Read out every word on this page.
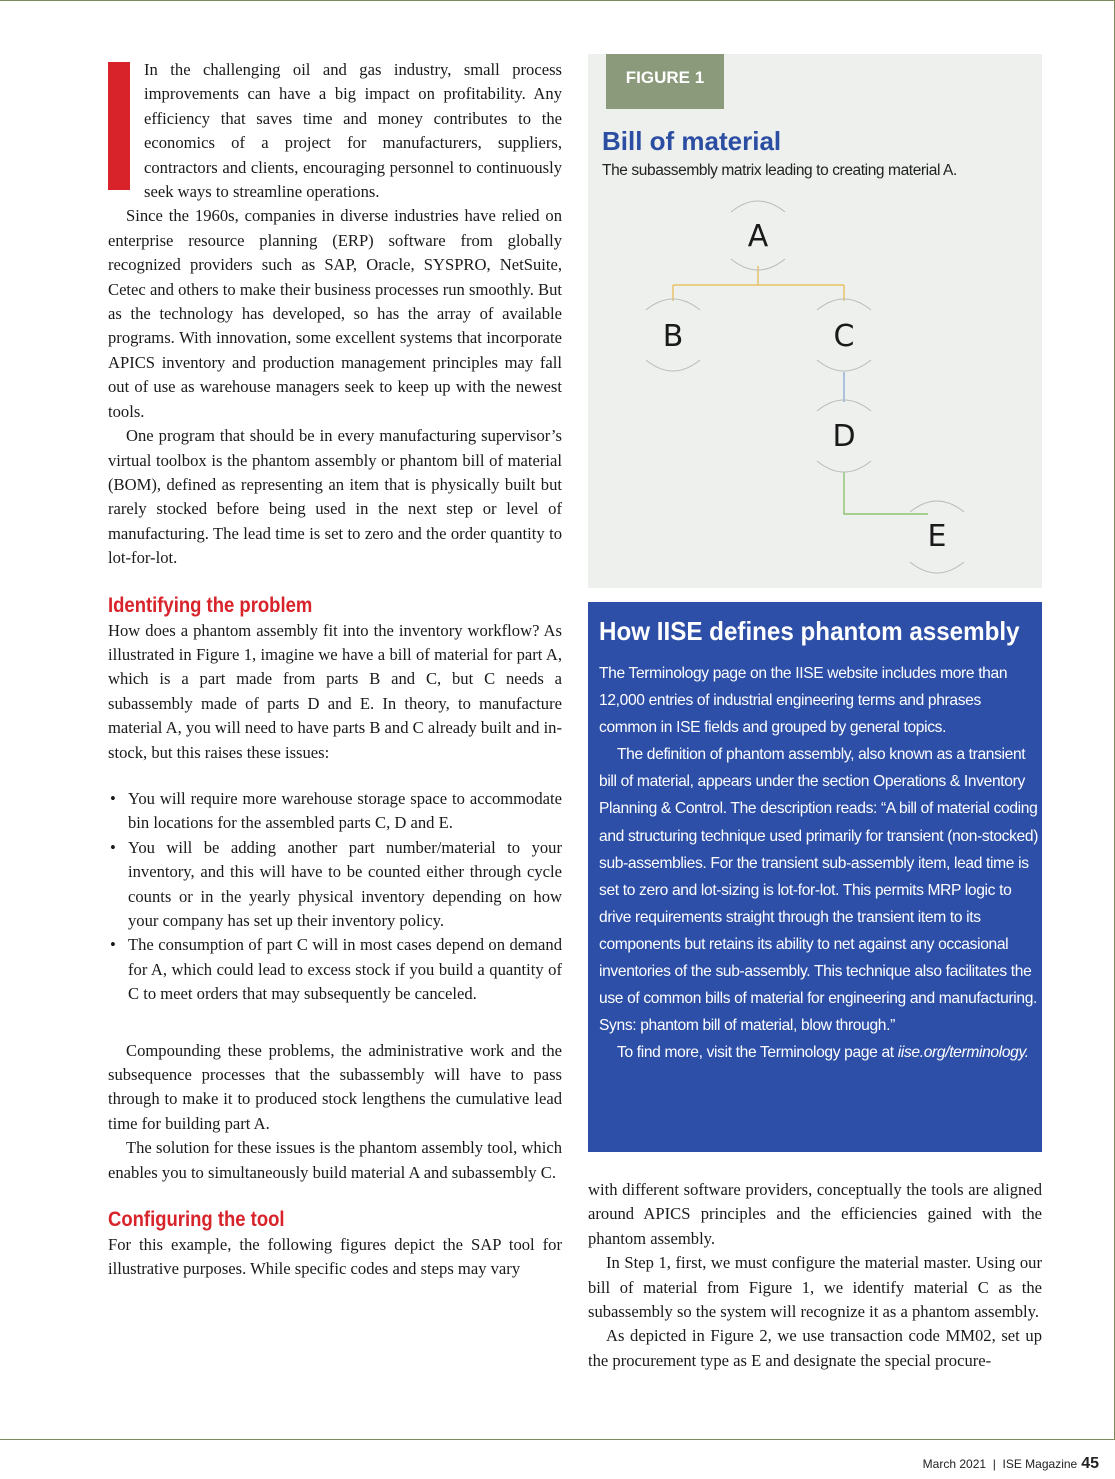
In the challenging oil and gas industry, small process improvements can have a big impact on profitability. Any efficiency that saves time and money contributes to the economics of a project for manufacturers, suppliers, contractors and clients, encouraging personnel to continuously seek ways to streamline operations.

Since the 1960s, companies in diverse industries have relied on enterprise resource planning (ERP) software from globally recognized providers such as SAP, Oracle, SYSPRO, NetSuite, Cetec and others to make their business processes run smoothly. But as the technology has developed, so has the array of available programs. With innovation, some excellent systems that incorporate APICS inventory and production management principles may fall out of use as warehouse managers seek to keep up with the newest tools.

One program that should be in every manufacturing supervisor’s virtual toolbox is the phantom assembly or phantom bill of material (BOM), defined as representing an item that is physically built but rarely stocked before being used in the next step or level of manufacturing. The lead time is set to zero and the order quantity to lot-for-lot.

Identifying the problem

How does a phantom assembly fit into the inventory workflow? As illustrated in Figure 1, imagine we have a bill of material for part A, which is a part made from parts B and C, but C needs a subassembly made of parts D and E. In theory, to manufacture material A, you will need to have parts B and C already built and in-stock, but this raises these issues:

• You will require more warehouse storage space to accommodate bin locations for the assembled parts C, D and E.
• You will be adding another part number/material to your inventory, and this will have to be counted either through cycle counts or in the yearly physical inventory depending on how your company has set up their inventory policy.
• The consumption of part C will in most cases depend on demand for A, which could lead to excess stock if you build a quantity of C to meet orders that may subsequently be canceled.

Compounding these problems, the administrative work and the subsequence processes that the subassembly will have to pass through to make it to produced stock lengthens the cumulative lead time for building part A.

The solution for these issues is the phantom assembly tool, which enables you to simultaneously build material A and subassembly C.

Configuring the tool

For this example, the following figures depict the SAP tool for illustrative purposes. While specific codes and steps may vary

FIGURE 1
Bill of material
The subassembly matrix leading to creating material A.
A
B	C
D
E
How IISE defines phantom assembly

The Terminology page on the IISE website includes more than 12,000 entries of industrial engineering terms and phrases common in ISE fields and grouped by general topics.

The definition of phantom assembly, also known as a transient bill of material, appears under the section Operations & Inventory Planning & Control. The description reads: “A bill of material coding and structuring technique used primarily for transient (non-stocked) sub-assemblies. For the transient sub-assembly item, lead time is set to zero and lot-sizing is lot-for-lot. This permits MRP logic to drive requirements straight through the transient item to its components but retains its ability to net against any occasional inventories of the sub-assembly. This technique also facilitates the use of common bills of material for engineering and manufacturing. Syns: phantom bill of material, blow through.”

To find more, visit the Terminology page at iise.org/terminology.

with different software providers, conceptually the tools are aligned around APICS principles and the efficiencies gained with the phantom assembly.

In Step 1, first, we must configure the material master. Using our bill of material from Figure 1, we identify material C as the subassembly so the system will recognize it as a phantom assembly.

As depicted in Figure 2, we use transaction code MM02, set up the procurement type as E and designate the special procure-

March 2021  |  ISE Magazine 45
